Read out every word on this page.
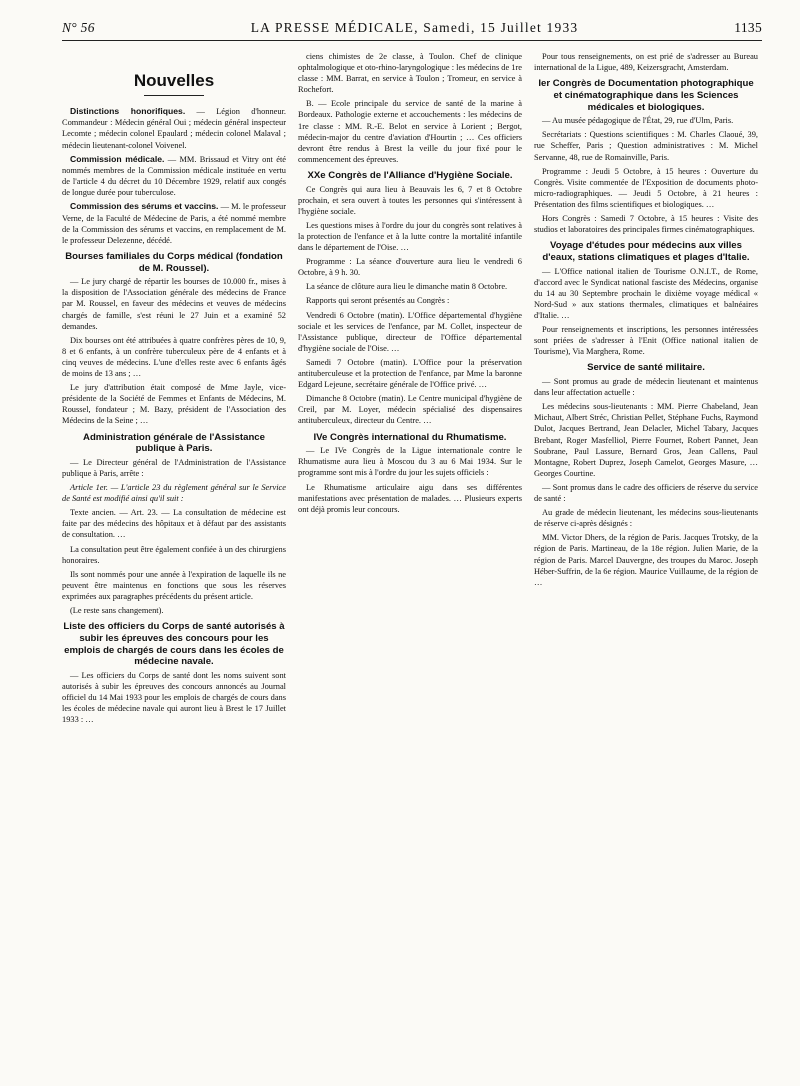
N° 56	LA PRESSE MÉDICALE, Samedi, 15 Juillet 1933	1135
Nouvelles

Distinctions honorifiques. — Légion d'honneur. Commandeur : Médecin général Oui ; médecin général inspecteur Lecomte ; médecin colonel Epaulard ; médecin colonel Malaval ; médecin lieutenant-colonel Voivenel.

Commission médicale. — MM. Brissaud et Vitry ont été nommés membres de la Commission médicale instituée en vertu de l'article 4 du décret du 10 Décembre 1929, relatif aux congés de longue durée pour tuberculose.

Commission des sérums et vaccins. — M. le professeur Verne, de la Faculté de Médecine de Paris, a été nommé membre de la Commission des sérums et vaccins, en remplacement de M. le professeur Delezenne, décédé.

Bourses familiales du Corps médical (fondation de M. Roussel).

— Le jury chargé de répartir les bourses de 10.000 fr., mises à la disposition de l'Association générale des médecins de France par M. Roussel, en faveur des médecins et veuves de médecins chargés de famille, s'est réuni le 27 Juin et a examiné 52 demandes.

Dix bourses ont été attribuées à quatre confrères pères de 10, 9, 8 et 6 enfants, à un confrère tuberculeux père de 4 enfants et à cinq veuves de médecins. L'une d'elles reste avec 6 enfants âgés de moins de 13 ans ; …

Le jury d'attribution était composé de Mme Jayle, vice-présidente de la Société de Femmes et Enfants de Médecins, M. Roussel, fondateur ; M. Bazy, président de l'Association des Médecins de la Seine ; …

Administration générale de l'Assistance publique à Paris.

— Le Directeur général de l'Administration de l'Assistance publique à Paris, arrête :

Article 1er. — L'article 23 du règlement général sur le Service de Santé est modifié ainsi qu'il suit :

Texte ancien. — Art. 23. — La consultation de médecine est faite par des médecins des hôpitaux et à défaut par des assistants de consultation. …

La consultation peut être également confiée à un des chirurgiens honoraires.

Ils sont nommés pour une année à l'expiration de laquelle ils ne peuvent être maintenus en fonctions que sous les réserves exprimées aux paragraphes précédents du présent article.

(Le reste sans changement).

Liste des officiers du Corps de santé autorisés à subir les épreuves des concours pour les emplois de chargés de cours dans les écoles de médecine navale.

— Les officiers du Corps de santé dont les noms suivent sont autorisés à subir les épreuves des concours annoncés au Journal officiel du 14 Mai 1933 pour les emplois de chargés de cours dans les écoles de médecine navale qui auront lieu à Brest le 17 Juillet 1933 : …

ciens chimistes de 2e classe, à Toulon. Chef de clinique ophtalmologique et oto-rhino-laryngologique : les médecins de 1re classe : MM. Barrat, en service à Toulon ; Tromeur, en service à Rochefort.

B. — Ecole principale du service de santé de la marine à Bordeaux. Pathologie externe et accouchements : les médecins de 1re classe : MM. R.-E. Belot en service à Lorient ; Bergot, médecin-major du centre d'aviation d'Hourtin ; … Ces officiers devront être rendus à Brest la veille du jour fixé pour le commencement des épreuves.

XXe Congrès de l'Alliance d'Hygiène Sociale.

Ce Congrès qui aura lieu à Beauvais les 6, 7 et 8 Octobre prochain, et sera ouvert à toutes les personnes qui s'intéressent à l'hygiène sociale.

Les questions mises à l'ordre du jour du congrès sont relatives à la protection de l'enfance et à la lutte contre la mortalité infantile dans le département de l'Oise. …

Programme : La séance d'ouverture aura lieu le vendredi 6 Octobre, à 9 h. 30.

La séance de clôture aura lieu le dimanche matin 8 Octobre.

Rapports qui seront présentés au Congrès :

Vendredi 6 Octobre (matin). L'Office départemental d'hygiène sociale et les services de l'enfance, par M. Collet, inspecteur de l'Assistance publique, directeur de l'Office départemental d'hygiène sociale de l'Oise. …

Samedi 7 Octobre (matin). L'Office pour la préservation antituberculeuse et la protection de l'enfance, par Mme la baronne Edgard Lejeune, secrétaire générale de l'Office privé. …

Dimanche 8 Octobre (matin). Le Centre municipal d'hygiène de Creil, par M. Loyer, médecin spécialisé des dispensaires antituberculeux, directeur du Centre. …

IVe Congrès international du Rhumatisme.

— Le IVe Congrès de la Ligue internationale contre le Rhumatisme aura lieu à Moscou du 3 au 6 Mai 1934. Sur le programme sont mis à l'ordre du jour les sujets officiels :

Le Rhumatisme articulaire aigu dans ses différentes manifestations avec présentation de malades. … Plusieurs experts ont déjà promis leur concours.

Pour tous renseignements, on est prié de s'adresser au Bureau international de la Ligue, 489, Keizersgracht, Amsterdam.

Ier Congrès de Documentation photographique et cinématographique dans les Sciences médicales et biologiques.

— Au musée pédagogique de l'État, 29, rue d'Ulm, Paris.

Secrétariats : Questions scientifiques : M. Charles Claoué, 39, rue Scheffer, Paris ; Question administratives : M. Michel Servanne, 48, rue de Romainville, Paris.

Programme : Jeudi 5 Octobre, à 15 heures : Ouverture du Congrès. Visite commentée de l'Exposition de documents photo-micro-radiographiques. — Jeudi 5 Octobre, à 21 heures : Présentation des films scientifiques et biologiques. …

Hors Congrès : Samedi 7 Octobre, à 15 heures : Visite des studios et laboratoires des principales firmes cinématographiques.

Voyage d'études pour médecins aux villes d'eaux, stations climatiques et plages d'Italie.

— L'Office national italien de Tourisme O.N.I.T., de Rome, d'accord avec le Syndicat national fasciste des Médecins, organise du 14 au 30 Septembre prochain le dixième voyage médical « Nord-Sud » aux stations thermales, climatiques et balnéaires d'Italie. …

Pour renseignements et inscriptions, les personnes intéressées sont priées de s'adresser à l'Enit (Office national italien de Tourisme), Via Marghera, Rome.

Service de santé militaire.

— Sont promus au grade de médecin lieutenant et maintenus dans leur affectation actuelle :

Les médecins sous-lieutenants : MM. Pierre Chabeland, Jean Michaut, Albert Stréc, Christian Pellet, Stéphane Fuchs, Raymond Dulot, Jacques Bertrand, Jean Delacler, Michel Tabary, Jacques Brebant, Roger Masfelliol, Pierre Fournet, Robert Pannet, Jean Soubrane, Paul Lassure, Bernard Gros, Jean Callens, Paul Montagne, Robert Duprez, Joseph Camelot, Georges Masure, … Georges Courtine.

— Sont promus dans le cadre des officiers de réserve du service de santé :

Au grade de médecin lieutenant, les médecins sous-lieutenants de réserve ci-après désignés :

MM. Victor Dhers, de la région de Paris. Jacques Trotsky, de la région de Paris. Martineau, de la 18e région. Julien Marie, de la région de Paris. Marcel Dauvergne, des troupes du Maroc. Joseph Héber-Suffrin, de la 6e région. Maurice Vuillaume, de la région de …
